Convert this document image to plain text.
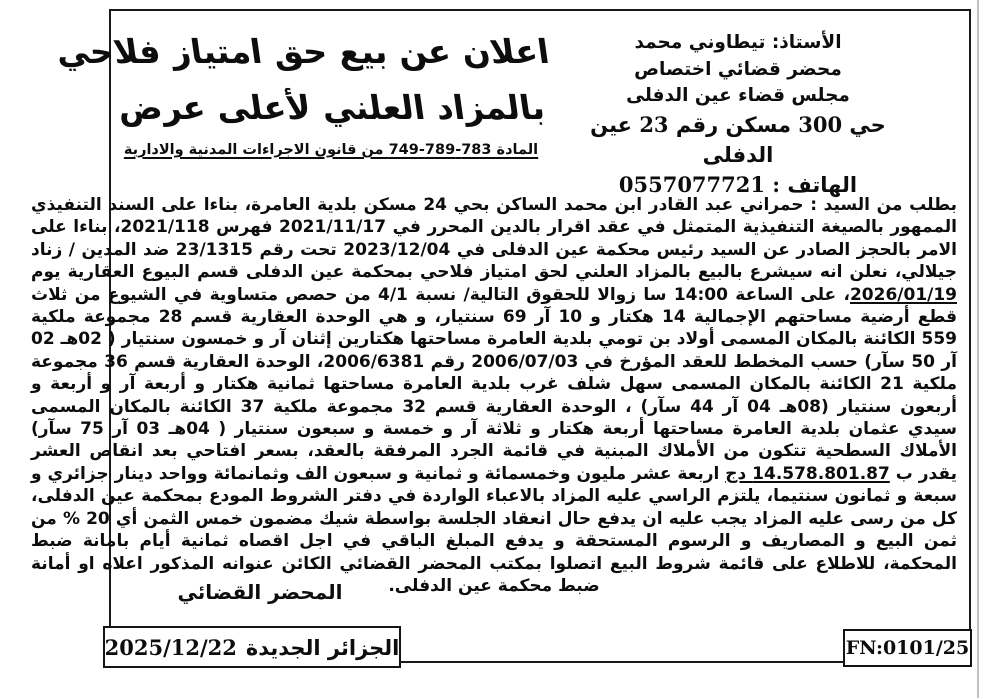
اعلان عن بيع حق امتياز فلاحي
بالمزاد العلني لأعلى عرض
المادة 783-789-749 من قانون الاجراءات المدنية والادارية
الأستاذ: تيطاوني محمد
محضر قضائي اختصاص
مجلس قضاء عين الدفلى
حي 300 مسكن رقم 23 عين الدفلى
الهاتف : 0557077721
بطلب من السيد : حمراني عبد القادر ابن محمد الساكن بحي 24 مسكن بلدية العامرة، بناءا على السند التنفيذي الممهور بالصيغة التنفيذية المتمثل في عقد اقرار بالدين المحرر في 2021/11/17 فهرس 2021/118، بناءا على الامر بالحجز الصادر عن السيد رئيس محكمة عين الدفلى في 2023/12/04 تحت رقم 23/1315 ضد المدين / زناد جيلالي، نعلن انه سيشرع بالبيع بالمزاد العلني لحق امتياز فلاحي بمحكمة عين الدفلى قسم البيوع العقارية يوم 2026/01/19، على الساعة 14:00 سا زوالا للحقوق التالية/ نسبة 4/1 من حصص متساوية في الشيوع من ثلاث قطع أرضية مساحتهم الإجمالية 14 هكتار و 10 آر 69 سنتيار، و هي الوحدة العقارية قسم 28 مجموعة ملكية 559 الكائنة بالمكان المسمى أولاد بن تومي بلدية العامرة مساحتها هكتارين إثنان آر و خمسون سنتيار ( 02هـ 02 آر 50 سآر) حسب المخطط للعقد المؤرخ في 2006/07/03 رقم 2006/6381، الوحدة العقارية قسم 36 مجموعة ملكية 21 الكائنة بالمكان المسمى سهل شلف غرب بلدية العامرة مساحتها ثمانية هكتار و أربعة آر و أربعة و أربعون سنتيار (08هـ 04 آر 44 سآر) ، الوحدة العقارية قسم 32 مجموعة ملكية 37 الكائنة بالمكان المسمى سيدي عثمان بلدية العامرة مساحتها أربعة هكتار و ثلاثة آر و خمسة و سبعون سنتيار ( 04هـ 03 آر 75 سآر) الأملاك السطحية تتكون من الأملاك المبنية في قائمة الجرد المرفقة بالعقد، بسعر افتاحي بعد انقاص العشر يقدر ب 14.578.801.87 دج اربعة عشر مليون وخمسمائة و ثمانية و سبعون الف وثمانمائة وواحد دينار جزائري و سبعة و ثمانون سنتيما، يلتزم الراسي عليه المزاد بالاعباء الواردة في دفتر الشروط المودع بمحكمة عين الدفلى، كل من رسى عليه المزاد يجب عليه ان يدفع حال انعقاد الجلسة بواسطة شيك مضمون خمس الثمن أي 20 % من ثمن البيع و المصاريف و الرسوم المستحقة و يدفع المبلغ الباقي في اجل اقصاه ثمانية أيام بامانة ضبط المحكمة، للاطلاع على قائمة شروط البيع اتصلوا بمكتب المحضر القضائي الكائن عنوانه المذكور اعلاه او أمانة ضبط محكمة عين الدفلى.
المحضر القضائي
الجزائر الجديدة
2025/12/22	FN:0101/25
